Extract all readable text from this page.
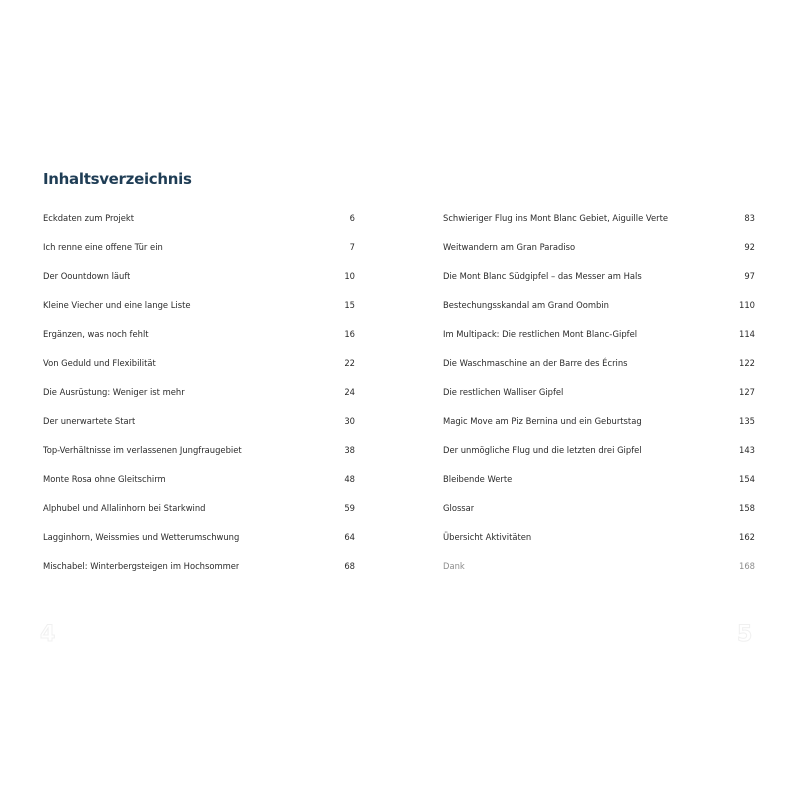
Inhaltsverzeichnis
Eckdaten zum Projekt	6
Ich renne eine offene Tür ein	7
Der Oountdown läuft	10
Kleine Viecher und eine lange Liste	15
Ergänzen, was noch fehlt	16
Von Geduld und Flexibilität	22
Die Ausrüstung: Weniger ist mehr	24
Der unerwartete Start	30
Top-Verhältnisse im verlassenen Jungfraugebiet	38
Monte Rosa ohne Gleitschirm	48
Alphubel und Allalinhorn bei Starkwind	59
Lagginhorn, Weissmies und Wetterumschwung	64
Mischabel: Winterbergsteigen im Hochsommer	68
Schwieriger Flug ins Mont Blanc Gebiet, Aiguille Verte	83
Weitwandern am Gran Paradiso	92
Die Mont Blanc Südgipfel – das Messer am Hals	97
Bestechungsskandal am Grand Oombin	110
Im Multipack: Die restlichen Mont Blanc-Gipfel	114
Die Waschmaschine an der Barre des Écrins	122
Die restlichen Walliser Gipfel	127
Magic Move am Piz Bernina und ein Geburtstag	135
Der unmögliche Flug und die letzten drei Gipfel	143
Bleibende Werte	154
Glossar	158
Übersicht Aktivitäten	162
Dank	168
4	5
